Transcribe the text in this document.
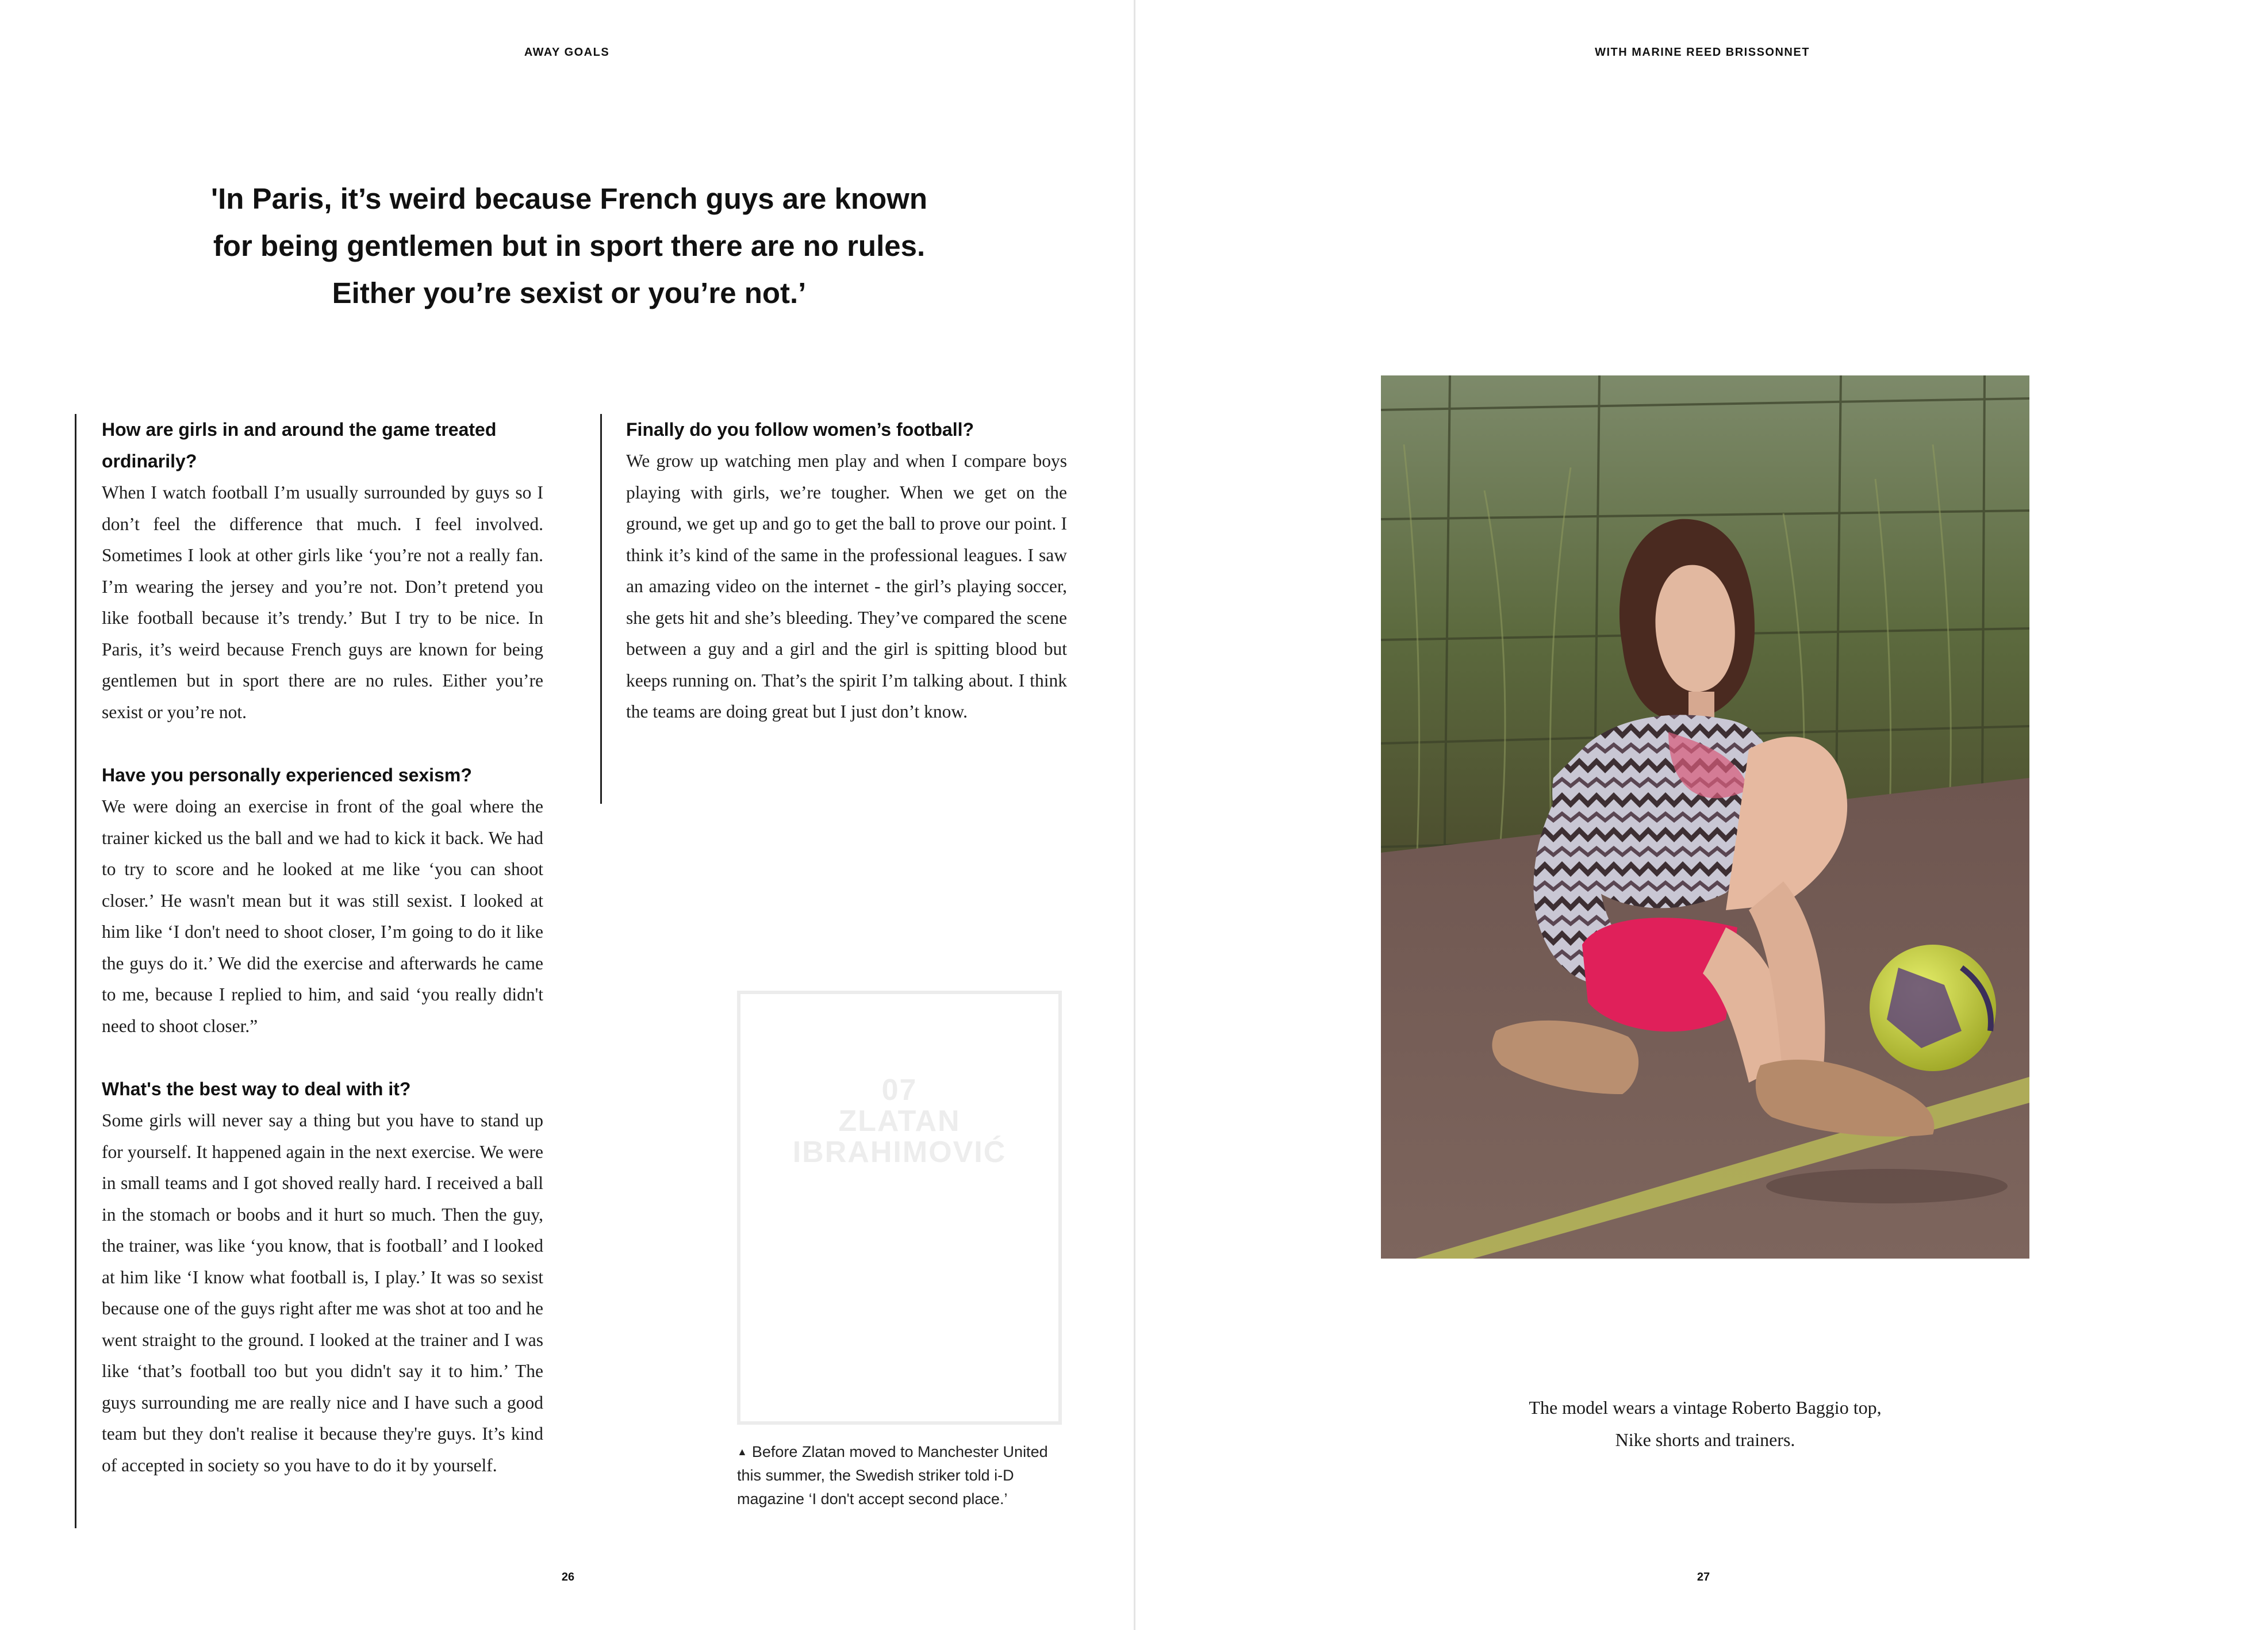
AWAY GOALS
'In Paris, it’s weird because French guys are known
for being gentlemen but in sport there are no rules.
Either you’re sexist or you’re not.’

How are girls in and around the game treated ordinarily?

When I watch football I’m usually surrounded by guys so I don’t feel the difference that much. I feel involved. Sometimes I look at other girls like ‘you’re not a really fan. I’m wearing the jersey and you’re not. Don’t pretend you like football because it’s trendy.’ But I try to be nice. In Paris, it’s weird because French guys are known for being gentlemen but in sport there are no rules. Either you’re sexist or you’re not.

Have you personally experienced sexism?

We were doing an exercise in front of the goal where the trainer kicked us the ball and we had to kick it back. We had to try to score and he looked at me like ‘you can shoot closer.’ He wasn't mean but it was still sexist. I looked at him like ‘I don't need to shoot closer, I’m going to do it like the guys do it.’ We did the exercise and afterwards he came to me, because I replied to him, and said ‘you really didn't need to shoot closer.”

What's the best way to deal with it?

Some girls will never say a thing but you have to stand up for yourself. It happened again in the next exercise. We were in small teams and I got shoved really hard. I received a ball in the stomach or boobs and it hurt so much. Then the guy, the trainer, was like ‘you know, that is football’ and I looked at him like ‘I know what football is, I play.’ It was so sexist because one of the guys right after me was shot at too and he went straight to the ground. I looked at the trainer and I was like ‘that’s football too but you didn't say it to him.’ The guys surrounding me are really nice and I have such a good team but they don't realise it because they're guys. It’s kind of accepted in society so you have to do it by yourself.

Finally do you follow women’s football?

We grow up watching men play and when I compare boys playing with girls, we’re tougher. When we get on the ground, we get up and go to get the ball to prove our point. I think it’s kind of the same in the professional leagues. I saw an amazing video on the internet - the girl’s playing soccer, she gets hit and she’s bleeding. They’ve compared the scene between a guy and a girl and the girl is spitting blood but keeps running on. That’s the spirit I’m talking about. I think the teams are doing great but I just don’t know.

07
ZLATAN
IBRAHIMOVIĆ
▲ Before Zlatan moved to Manchester United this summer, the Swedish striker told i-D magazine ‘I don't accept second place.’
26
WITH MARINE REED BRISSONNET
27
The model wears a vintage Roberto Baggio top,
Nike shorts and trainers.
